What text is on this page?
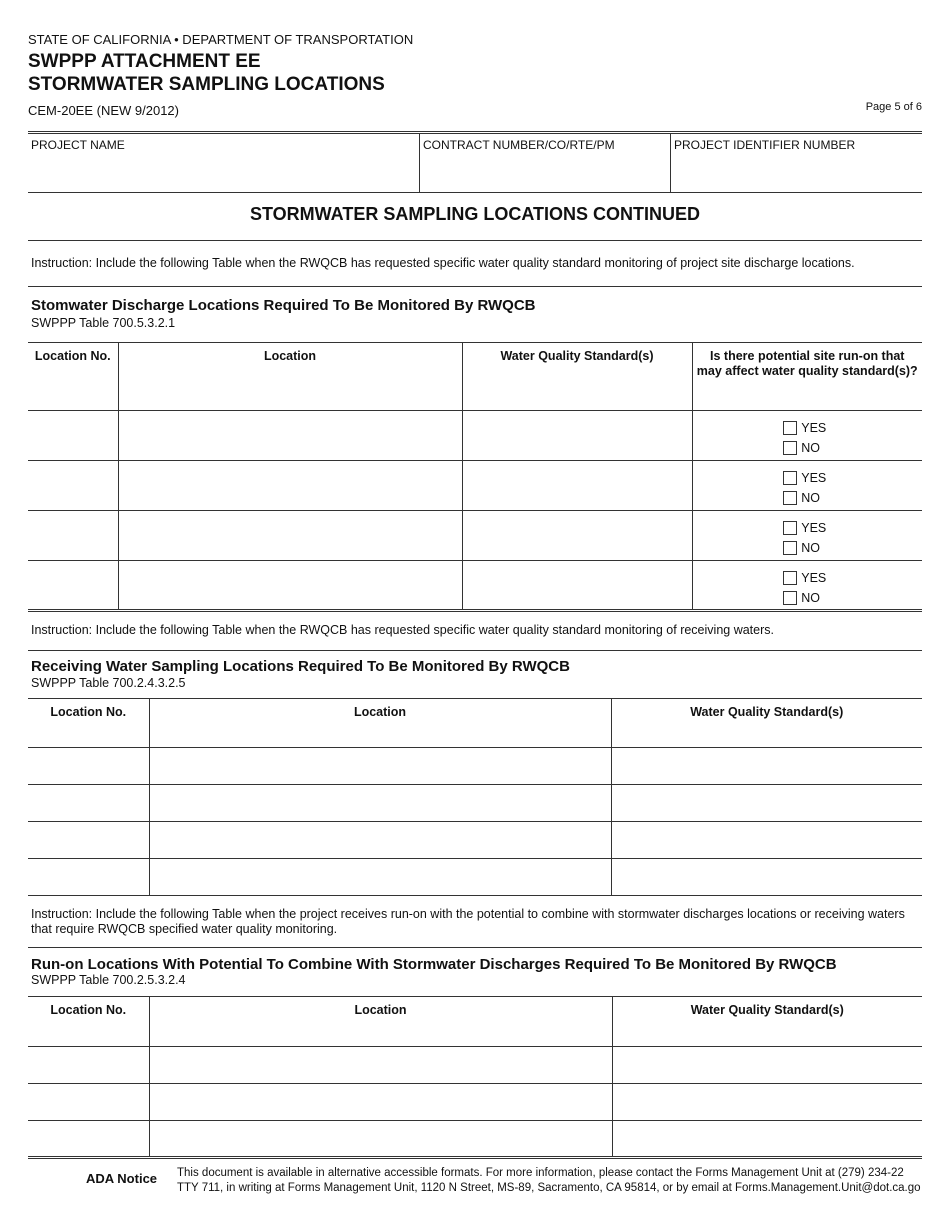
STATE OF CALIFORNIA • DEPARTMENT OF TRANSPORTATION
SWPPP ATTACHMENT EE
STORMWATER SAMPLING LOCATIONS
CEM-20EE (NEW 9/2012)	Page 5 of 6
PROJECT NAME	CONTRACT NUMBER/CO/RTE/PM	PROJECT IDENTIFIER NUMBER
STORMWATER SAMPLING LOCATIONS CONTINUED
Instruction: Include the following Table when the RWQCB has requested specific water quality standard monitoring of project site discharge locations.
Stomwater Discharge Locations Required To Be Monitored By RWQCB
SWPPP Table 700.5.3.2.1
Location No.	Location	Water Quality Standard(s)	Is there potential site run-on that may affect water quality standard(s)?

			YES
NO

			YES
NO

			YES
NO

			YES
NO
Instruction: Include the following Table when the RWQCB has requested specific water quality standard monitoring of receiving waters.
Receiving Water Sampling Locations Required To Be Monitored By RWQCB
SWPPP Table 700.2.4.3.2.5
Location No.	Location	Water Quality Standard(s)

Instruction: Include the following Table when the project receives run-on with the potential to combine with stormwater discharges locations or receiving waters that require RWQCB specified water quality monitoring.
Run-on Locations With Potential To Combine With Stormwater Discharges Required To Be Monitored By RWQCB
SWPPP Table 700.2.5.3.2.4
Location No.	Location	Water Quality Standard(s)

ADA Notice This document is available in alternative accessible formats. For more information, please contact the Forms Management Unit at (279) 234-22
TTY 711, in writing at Forms Management Unit, 1120 N Street, MS-89, Sacramento, CA 95814, or by email at Forms.Management.Unit@dot.ca.go
